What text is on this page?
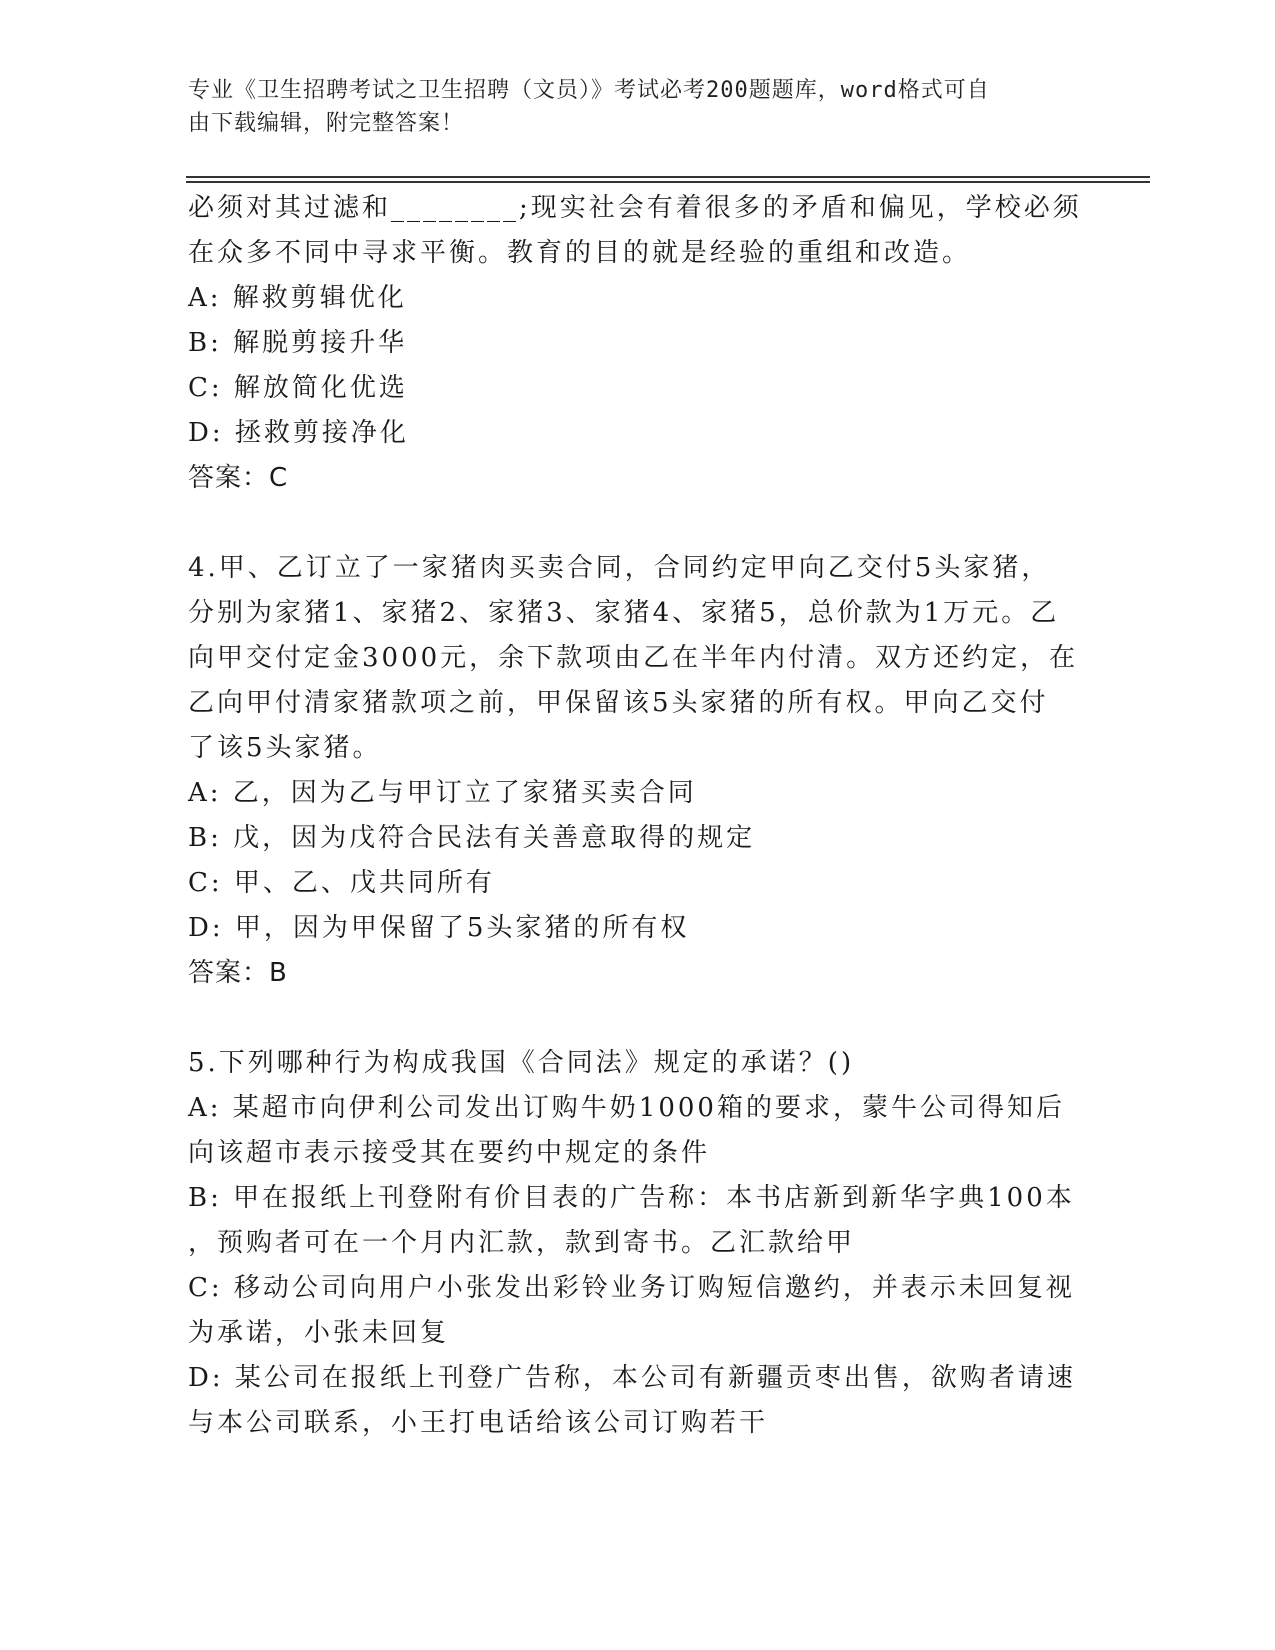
专业《卫生招聘考试之卫生招聘（文员）》考试必考200题题库，word格式可自
由下载编辑，附完整答案！
必须对其过滤和________;现实社会有着很多的矛盾和偏见，学校必须
在众多不同中寻求平衡。教育的目的就是经验的重组和改造。
A: 解救剪辑优化
B: 解脱剪接升华
C: 解放简化优选
D: 拯救剪接净化
答案：C
4.甲、乙订立了一家猪肉买卖合同，合同约定甲向乙交付5头家猪，
分别为家猪1、家猪2、家猪3、家猪4、家猪5，总价款为1万元。乙
向甲交付定金3000元，余下款项由乙在半年内付清。双方还约定，在
乙向甲付清家猪款项之前，甲保留该5头家猪的所有权。甲向乙交付
了该5头家猪。
A: 乙，因为乙与甲订立了家猪买卖合同
B: 戊，因为戊符合民法有关善意取得的规定
C: 甲、乙、戊共同所有
D: 甲，因为甲保留了5头家猪的所有权
答案：B
5.下列哪种行为构成我国《合同法》规定的承诺？()
A: 某超市向伊利公司发出订购牛奶1000箱的要求，蒙牛公司得知后
向该超市表示接受其在要约中规定的条件
B: 甲在报纸上刊登附有价目表的广告称：本书店新到新华字典100本
，预购者可在一个月内汇款，款到寄书。乙汇款给甲
C: 移动公司向用户小张发出彩铃业务订购短信邀约，并表示未回复视
为承诺，小张未回复
D: 某公司在报纸上刊登广告称，本公司有新疆贡枣出售，欲购者请速
与本公司联系，小王打电话给该公司订购若干
